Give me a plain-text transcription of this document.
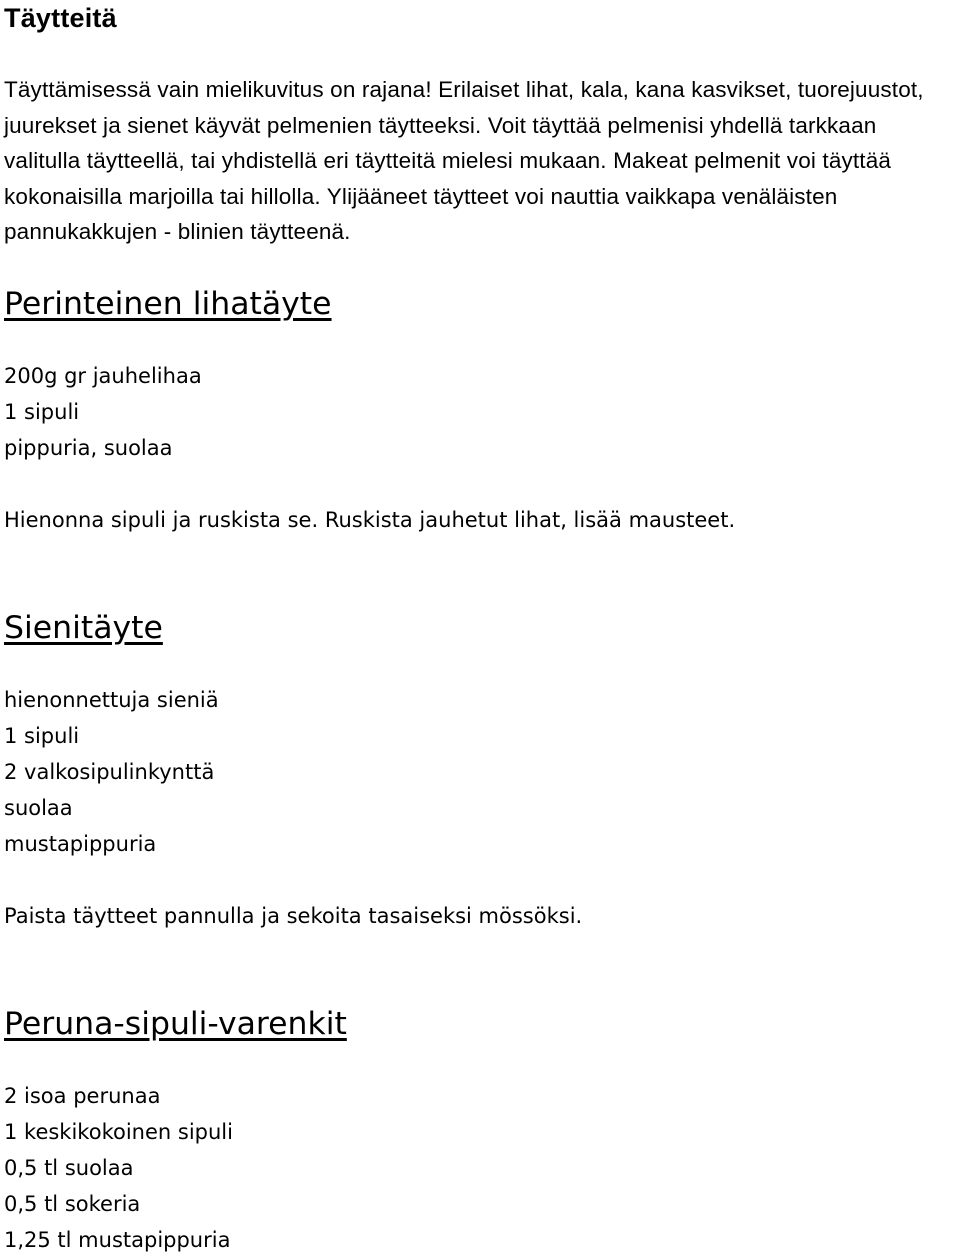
Täytteitä

Täyttämisessä vain mielikuvitus on rajana! Erilaiset lihat, kala, kana kasvikset, tuorejuustot, juurekset ja sienet käyvät pelmenien täytteeksi. Voit täyttää pelmenisi yhdellä tarkkaan valitulla täytteellä, tai yhdistellä eri täytteitä mielesi mukaan. Makeat pelmenit voi täyttää kokonaisilla marjoilla tai hillolla. Ylijääneet täytteet voi nauttia vaikkapa venäläisten pannukakkujen - blinien täytteenä.

Perinteinen lihatäyte
200g gr jauhelihaa
1 sipuli
pippuria, suolaa

Hienonna sipuli ja ruskista se. Ruskista jauhetut lihat, lisää mausteet.

Sienitäyte
hienonnettuja sieniä
1 sipuli
2 valkosipulinkynttä
suolaa
mustapippuria

Paista täytteet pannulla ja sekoita tasaiseksi mössöksi.

Peruna-sipuli-varenkit
2 isoa perunaa
1 keskikokoinen sipuli
0,5 tl suolaa
0,5 tl sokeria
1,25 tl mustapippuria
